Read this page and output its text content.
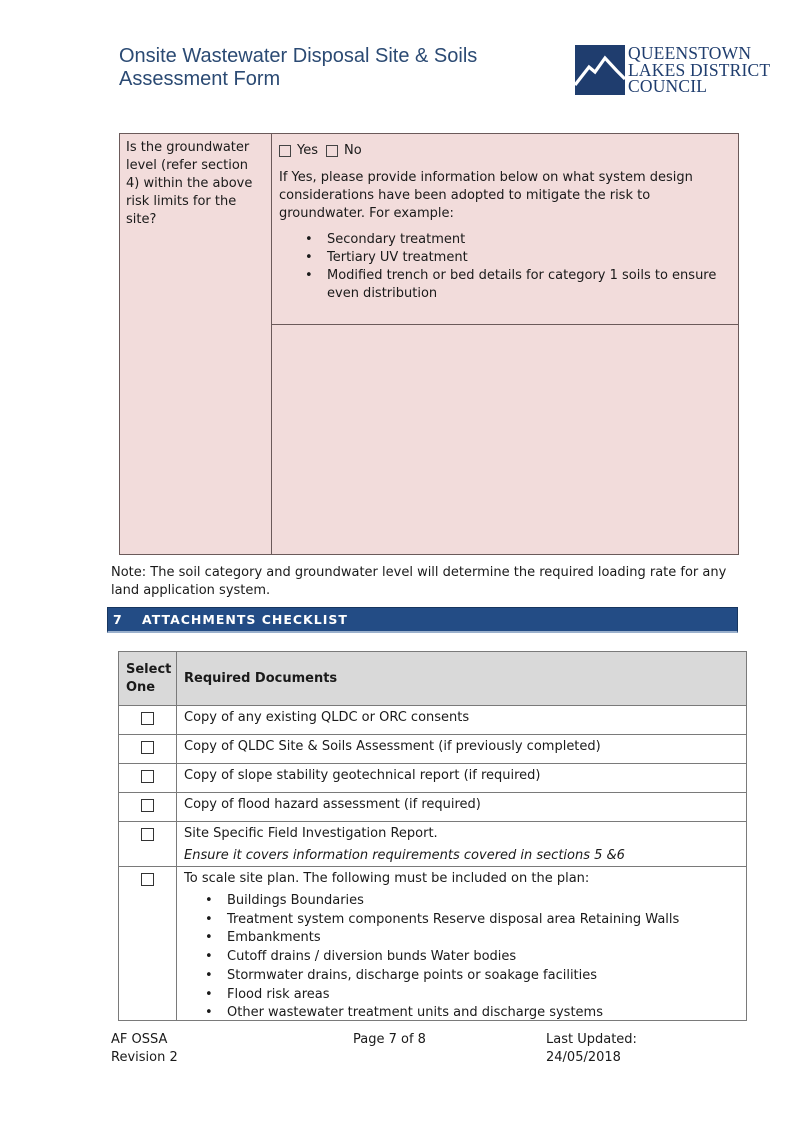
Onsite Wastewater Disposal Site & Soils
Assessment Form
QUEENSTOWN
LAKES DISTRICT
COUNCIL
Is the groundwater level (refer section 4) within the above risk limits for the site?
Yes No
If Yes, please provide information below on what system design considerations have been adopted to mitigate the risk to groundwater. For example:
• Secondary treatment
• Tertiary UV treatment
• Modified trench or bed details for category 1 soils to ensure even distribution
Note: The soil category and groundwater level will determine the required loading rate for any land application system.
7	ATTACHMENTS CHECKLIST
Select One
Required Documents
Copy of any existing QLDC or ORC consents
Copy of QLDC Site & Soils Assessment (if previously completed)
Copy of slope stability geotechnical report (if required)
Copy of flood hazard assessment (if required)
Site Specific Field Investigation Report.
Ensure it covers information requirements covered in sections 5 &6
To scale site plan. The following must be included on the plan:
• Buildings Boundaries
• Treatment system components Reserve disposal area Retaining Walls
• Embankments
• Cutoff drains / diversion bunds Water bodies
• Stormwater drains, discharge points or soakage facilities
• Flood risk areas
• Other wastewater treatment units and discharge systems
AF OSSA
Revision 2
Page 7 of 8	Last Updated: 24/05/2018
